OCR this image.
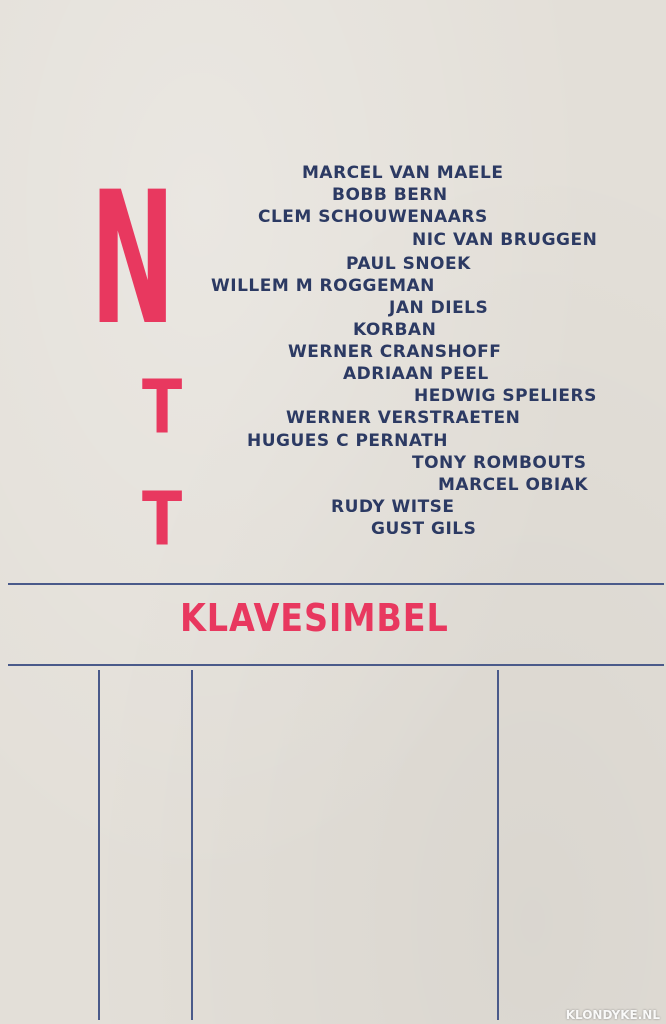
N
T
T
MARCEL VAN MAELE
BOBB BERN
CLEM SCHOUWENAARS
NIC VAN BRUGGEN
PAUL SNOEK
WILLEM M ROGGEMAN
JAN DIELS
KORBAN
WERNER CRANSHOFF
ADRIAAN PEEL
HEDWIG SPELIERS
WERNER VERSTRAETEN
HUGUES C PERNATH
TONY ROMBOUTS
MARCEL OBIAK
RUDY WITSE
GUST GILS
KLAVESIMBEL
KLONDYKE.NL
